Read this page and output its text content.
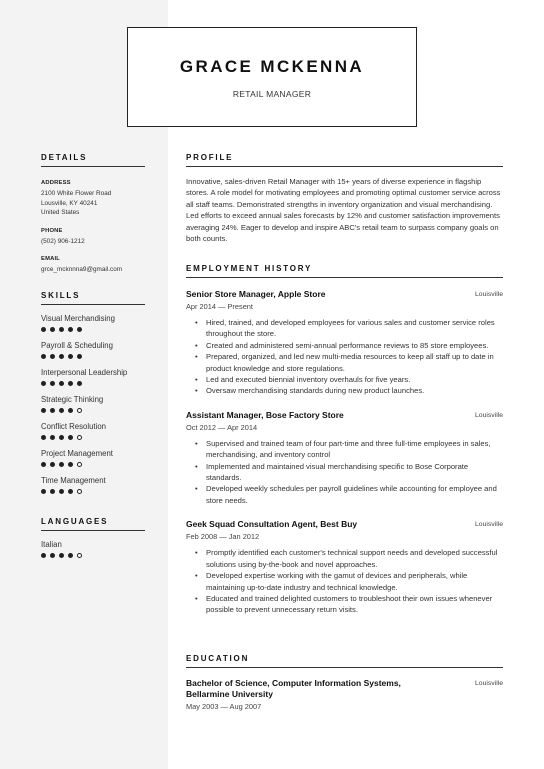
GRACE MCKENNA
RETAIL MANAGER
DETAILS
ADDRESS
2100 White Flower Road
Lousville, KY 40241
United States
PHONE
(502) 906-1212
EMAIL
grce_mcknnna9@gmail.com
SKILLS
Visual Merchandising
Payroll & Scheduling
Interpersonal Leadership
Strategic Thinking
Conflict Resolution
Project Management
Time Management
LANGUAGES
Italian
PROFILE
Innovative, sales-driven Retail Manager with 15+ years of diverse experience in flagship stores. A role model for motivating employees and promoting optimal customer service across all staff teams. Demonstrated strengths in inventory organization and visual merchandising. Led efforts to exceed annual sales forecasts by 12% and customer satisfaction improvements averaging 24%. Eager to develop and inspire ABC's retail team to surpass company goals on both counts.
EMPLOYMENT HISTORY
Senior Store Manager, Apple Store	Louisville
Apr 2014 — Present
• Hired, trained, and developed employees for various sales and customer service roles throughout the store.
• Created and administered semi-annual performance reviews to 85 store employees.
• Prepared, organized, and led new multi-media resources to keep all staff up to date in product knowledge and store regulations.
• Led and executed biennial inventory overhauls for five years.
• Oversaw merchandising standards during new product launches.
Assistant Manager, Bose Factory Store	Louisville
Oct 2012 — Apr 2014
• Supervised and trained team of four part-time and three full-time employees in sales, merchandising, and inventory control
• Implemented and maintained visual merchandising specific to Bose Corporate standards.
• Developed weekly schedules per payroll guidelines while accounting for employee and store needs.
Geek Squad Consultation Agent, Best Buy	Louisville
Feb 2008 — Jan 2012
• Promptly identified each customer's technical support needs and developed successful solutions using by-the-book and novel approaches.
• Developed expertise working with the gamut of devices and peripherals, while maintaining up-to-date industry and technical knowledge.
• Educated and trained delighted customers to troubleshoot their own issues whenever possible to prevent unnecessary return visits.
EDUCATION
Bachelor of Science, Computer Information Systems, Bellarmine University
Louisville
May 2003 — Aug 2007
